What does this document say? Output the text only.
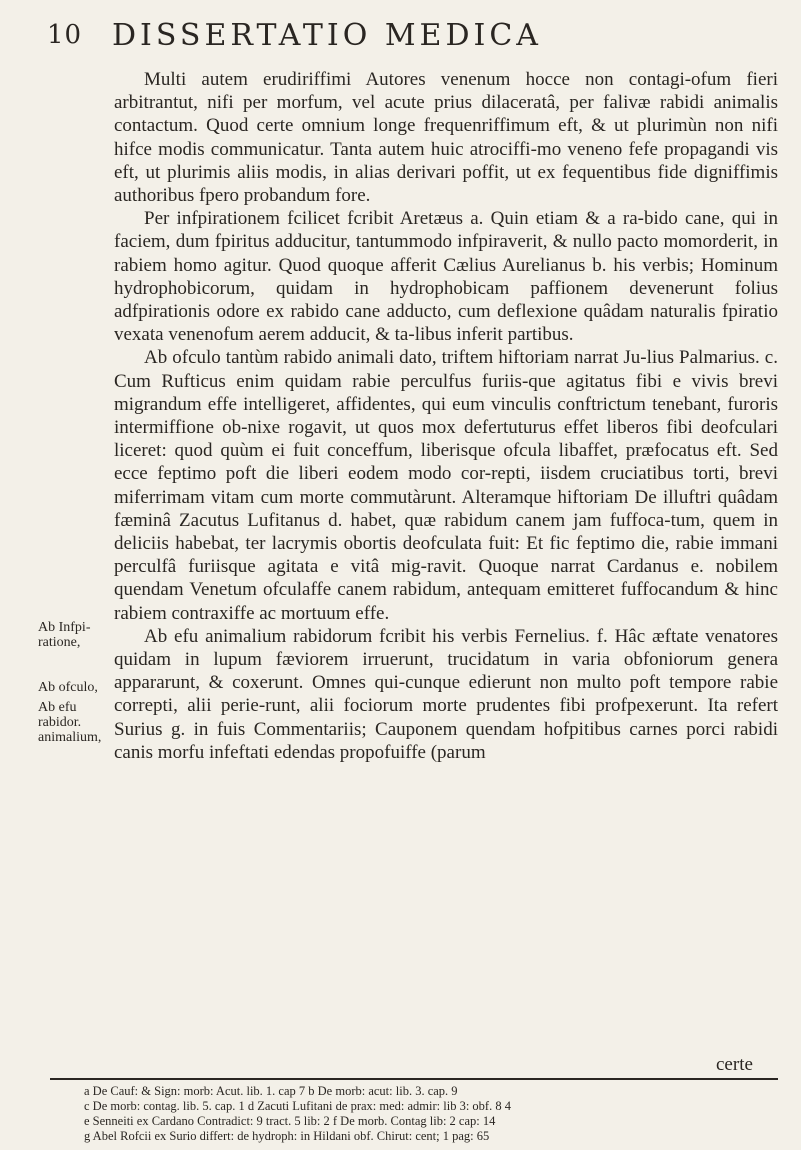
10 DISSERTATIO MEDICA
Ab Infpi-ratione,
Ab ofculo,
Ab efu rabidor. animalium,

Multi autem erudiriffimi Autores venenum hocce non contagi-ofum fieri arbitrantut, nifi per morfum, vel acute prius dilaceratâ, per falivæ rabidi animalis contactum. Quod certe omnium longe frequenriffimum eft, & ut plurimùn non nifi hifce modis communicatur. Tanta autem huic atrociffi-mo veneno fefe propagandi vis eft, ut plurimis aliis modis, in alias derivari poffit, ut ex fequentibus fide digniffimis authoribus fpero probandum fore.

Per infpirationem fcilicet fcribit Aretæus a. Quin etiam & a ra-bido cane, qui in faciem, dum fpiritus adducitur, tantummodo infpiraverit, & nullo pacto momorderit, in rabiem homo agitur. Quod quoque afferit Cælius Aurelianus b. his verbis; Hominum hydrophobicorum, quidam in hydrophobicam paffionem devenerunt folius adfpirationis odore ex rabido cane adducto, cum deflexione quâdam naturalis fpiratio vexata venenofum aerem adducit, & ta-libus inferit partibus.

Ab ofculo tantùm rabido animali dato, triftem hiftoriam narrat Ju-lius Palmarius. c. Cum Rufticus enim quidam rabie perculfus furiis-que agitatus fibi e vivis brevi migrandum effe intelligeret, affidentes, qui eum vinculis conftrictum tenebant, furoris intermiffione ob-nixe rogavit, ut quos mox defertuturus effet liberos fibi deofculari liceret: quod quùm ei fuit conceffum, liberisque ofcula libaffet, præfocatus eft. Sed ecce feptimo poft die liberi eodem modo cor-repti, iisdem cruciatibus torti, brevi miferrimam vitam cum morte commutàrunt. Alteramque hiftoriam De illuftri quâdam fæminâ Zacutus Lufitanus d. habet, quæ rabidum canem jam fuffoca-tum, quem in deliciis habebat, ter lacrymis obortis deofculata fuit: Et fic feptimo die, rabie immani perculfâ furiisque agitata e vitâ mig-ravit. Quoque narrat Cardanus e. nobilem quendam Venetum ofculaffe canem rabidum, antequam emitteret fuffocandum & hinc rabiem contraxiffe ac mortuum effe.

Ab efu animalium rabidorum fcribit his verbis Fernelius. f. Hâc æftate venatores quidam in lupum fæviorem irruerunt, trucidatum in varia obfoniorum genera appararunt, & coxerunt. Omnes qui-cunque edierunt non multo poft tempore rabie correpti, alii perie-runt, alii fociorum morte prudentes fibi profpexerunt. Ita refert Surius g. in fuis Commentariis; Cauponem quendam hofpitibus carnes porci rabidi canis morfu infeftati edendas propofuiffe (parum

certe
a De Cauf: & Sign: morb: Acut. lib. 1. cap 7 b De morb: acut: lib. 3. cap. 9
c De morb: contag. lib. 5. cap. 1 d Zacuti Lufitani de prax: med: admir: lib 3: obf. 8 4
e Senneiti ex Cardano Contradict: 9 tract. 5 lib: 2 f De morb. Contag lib: 2 cap: 14
g Abel Rofcii ex Surio differt: de hydroph: in Hildani obf. Chirut: cent; 1 pag: 65
